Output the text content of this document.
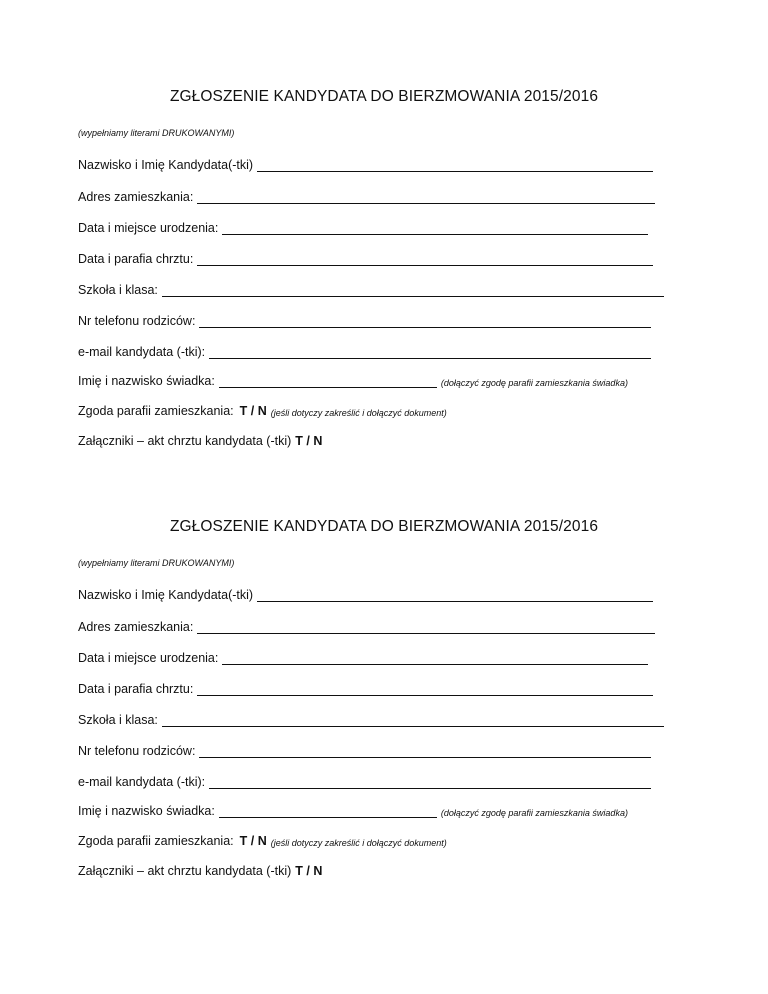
ZGŁOSZENIE KANDYDATA DO BIERZMOWANIA 2015/2016
(wypełniamy literami DRUKOWANYMI)
Nazwisko i Imię Kandydata(-tki)
Adres zamieszkania:
Data i miejsce urodzenia:
Data i parafia chrztu:
Szkoła i klasa:
Nr telefonu rodziców:
e-mail kandydata (-tki):
Imię i nazwisko świadka:	(dołączyć zgodę parafii zamieszkania świadka)
Zgoda parafii zamieszkania: T / N (jeśli dotyczy zakreślić i dołączyć dokument)
Załączniki – akt chrztu kandydata (-tki) T / N
ZGŁOSZENIE KANDYDATA DO BIERZMOWANIA 2015/2016
(wypełniamy literami DRUKOWANYMI)
Nazwisko i Imię Kandydata(-tki)
Adres zamieszkania:
Data i miejsce urodzenia:
Data i parafia chrztu:
Szkoła i klasa:
Nr telefonu rodziców:
e-mail kandydata (-tki):
Imię i nazwisko świadka:	(dołączyć zgodę parafii zamieszkania świadka)
Zgoda parafii zamieszkania: T / N (jeśli dotyczy zakreślić i dołączyć dokument)
Załączniki – akt chrztu kandydata (-tki) T / N
